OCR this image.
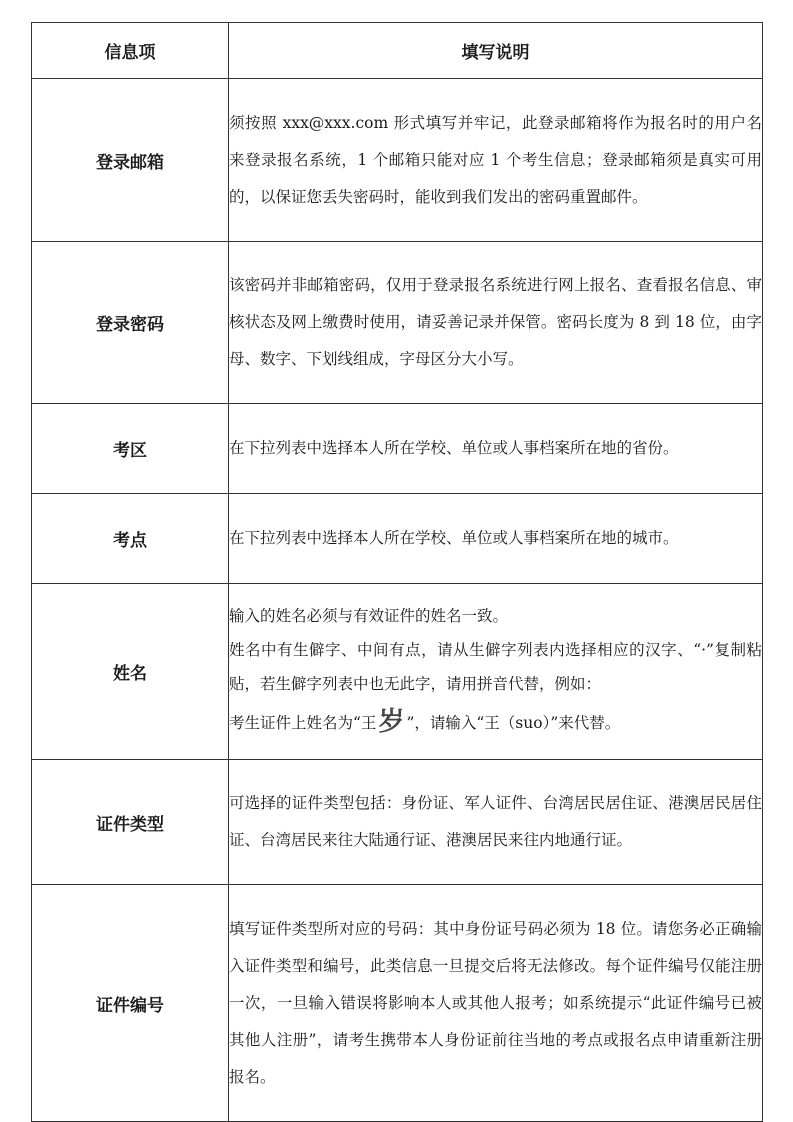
信息项	填写说明
登录邮箱	须按照 xxx@xxx.com 形式填写并牢记，此登录邮箱将作为报名时的用户名来登录报名系统，1 个邮箱只能对应 1 个考生信息；登录邮箱须是真实可用的，以保证您丢失密码时，能收到我们发出的密码重置邮件。

登录密码	该密码并非邮箱密码，仅用于登录报名系统进行网上报名、查看报名信息、审核状态及网上缴费时使用，请妥善记录并保管。密码长度为 8 到 18 位，由字母、数字、下划线组成，字母区分大小写。

考区	在下拉列表中选择本人所在学校、单位或人事档案所在地的省份。

考点	在下拉列表中选择本人所在学校、单位或人事档案所在地的城市。

姓名	输入的姓名必须与有效证件的姓名一致。

姓名中有生僻字、中间有点，请从生僻字列表内选择相应的汉字、“·”复制粘贴，若生僻字列表中也无此字，请用拼音代替，例如：

考生证件上姓名为“王岁 ”，请输入“王（suo）”来代替。

证件类型	可选择的证件类型包括：身份证、军人证件、台湾居民居住证、港澳居民居住证、台湾居民来往大陆通行证、港澳居民来往内地通行证。

证件编号	填写证件类型所对应的号码：其中身份证号码必须为 18 位。请您务必正确输入证件类型和编号，此类信息一旦提交后将无法修改。每个证件编号仅能注册一次，一旦输入错误将影响本人或其他人报考；如系统提示“此证件编号已被其他人注册”，请考生携带本人身份证前往当地的考点或报名点申请重新注册报名。
